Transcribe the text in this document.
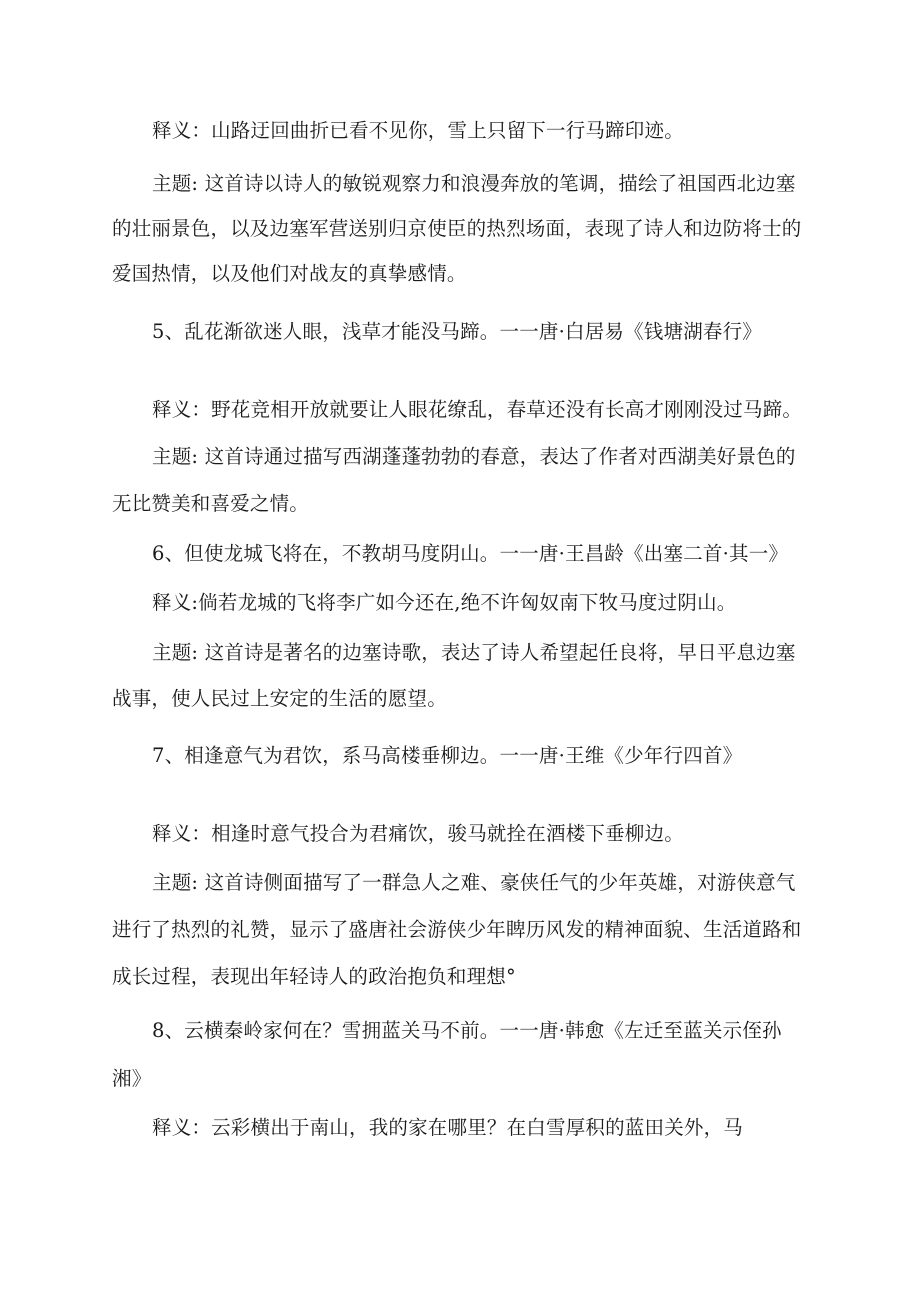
释义：山路迂回曲折已看不见你，雪上只留下一行马蹄印迹。
主题: 这首诗以诗人的敏锐观察力和浪漫奔放的笔调，描绘了祖国西北边塞
的壮丽景色，以及边塞军营送别归京使臣的热烈场面，表现了诗人和边防将士的
爱国热情，以及他们对战友的真挚感情。
5、乱花渐欲迷人眼，浅草才能没马蹄。一一唐·白居易《钱塘湖春行》
释义：野花竞相开放就要让人眼花缭乱，春草还没有长高才刚刚没过马蹄。
主题: 这首诗通过描写西湖蓬蓬勃勃的春意，表达了作者对西湖美好景色的
无比赞美和喜爱之情。
6、但使龙城飞将在，不教胡马度阴山。一一唐·王昌龄《出塞二首·其一》
释义:倘若龙城的飞将李广如今还在,绝不许匈奴南下牧马度过阴山。
主题: 这首诗是著名的边塞诗歌，表达了诗人希望起任良将，早日平息边塞
战事，使人民过上安定的生活的愿望。
7、相逢意气为君饮，系马高楼垂柳边。一一唐·王维《少年行四首》
释义：相逢时意气投合为君痛饮，骏马就拴在酒楼下垂柳边。
主题: 这首诗侧面描写了一群急人之难、豪侠任气的少年英雄，对游侠意气
进行了热烈的礼赞，显示了盛唐社会游侠少年睥历风发的精神面貌、生活道路和
成长过程，表现出年轻诗人的政治抱负和理想°
8、云横秦岭家何在？雪拥蓝关马不前。一一唐·韩愈《左迁至蓝关示侄孙
湘》
释义：云彩横出于南山，我的家在哪里？在白雪厚积的蓝田关外，马
